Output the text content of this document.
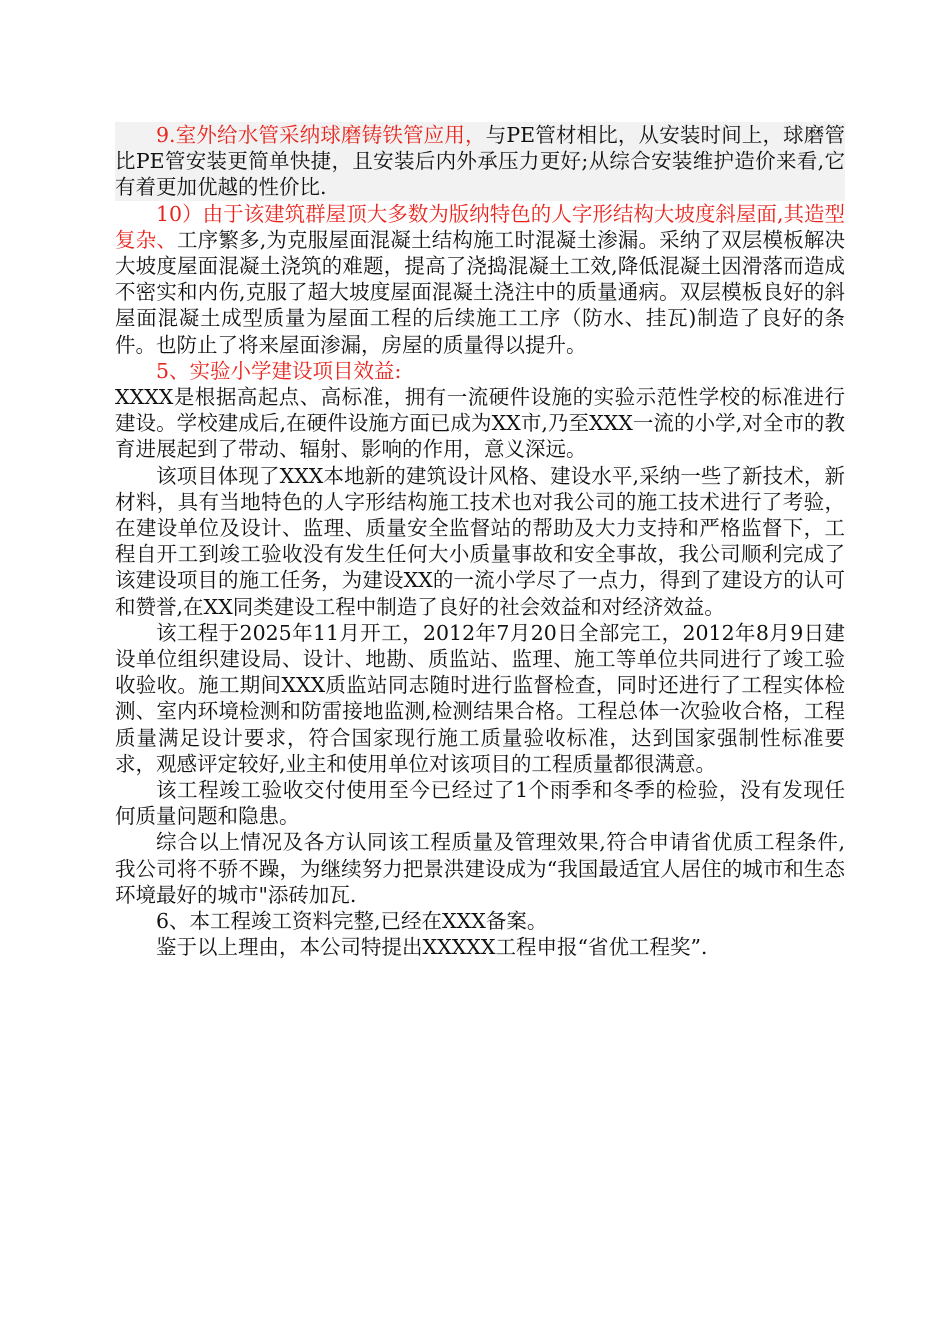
9.室外给水管采纳球磨铸铁管应用，与PE管材相比，从安装时间上，球磨管比PE管安装更简单快捷，且安装后内外承压力更好;从综合安装维护造价来看,它有着更加优越的性价比.

10）由于该建筑群屋顶大多数为版纳特色的人字形结构大坡度斜屋面,其造型复杂、工序繁多,为克服屋面混凝土结构施工时混凝土渗漏。采纳了双层模板解决大坡度屋面混凝土浇筑的难题，提高了浇捣混凝土工效,降低混凝土因滑落而造成不密实和内伤,克服了超大坡度屋面混凝土浇注中的质量通病。双层模板良好的斜屋面混凝土成型质量为屋面工程的后续施工工序（防水、挂瓦)制造了良好的条件。也防止了将来屋面渗漏，房屋的质量得以提升。

5、实验小学建设项目效益:

XXXX是根据高起点、高标准，拥有一流硬件设施的实验示范性学校的标准进行建设。学校建成后,在硬件设施方面已成为XX市,乃至XXX一流的小学,对全市的教育进展起到了带动、辐射、影响的作用，意义深远。

该项目体现了XXX本地新的建筑设计风格、建设水平,采纳一些了新技术，新材料，具有当地特色的人字形结构施工技术也对我公司的施工技术进行了考验，在建设单位及设计、监理、质量安全监督站的帮助及大力支持和严格监督下，工程自开工到竣工验收没有发生任何大小质量事故和安全事故，我公司顺利完成了该建设项目的施工任务，为建设XX的一流小学尽了一点力，得到了建设方的认可和赞誉,在XX同类建设工程中制造了良好的社会效益和对经济效益。

该工程于2025年11月开工，2012年7月20日全部完工，2012年8月9日建设单位组织建设局、设计、地勘、质监站、监理、施工等单位共同进行了竣工验收验收。施工期间XXX质监站同志随时进行监督检查，同时还进行了工程实体检测、室内环境检测和防雷接地监测,检测结果合格。工程总体一次验收合格，工程质量满足设计要求，符合国家现行施工质量验收标准，达到国家强制性标准要求，观感评定较好,业主和使用单位对该项目的工程质量都很满意。

该工程竣工验收交付使用至今已经过了1个雨季和冬季的检验，没有发现任何质量问题和隐患。

综合以上情况及各方认同该工程质量及管理效果,符合申请省优质工程条件,我公司将不骄不躁，为继续努力把景洪建设成为“我国最适宜人居住的城市和生态环境最好的城市"添砖加瓦.

6、本工程竣工资料完整,已经在XXX备案。

鉴于以上理由，本公司特提出XXXXX工程申报“省优工程奖”.
